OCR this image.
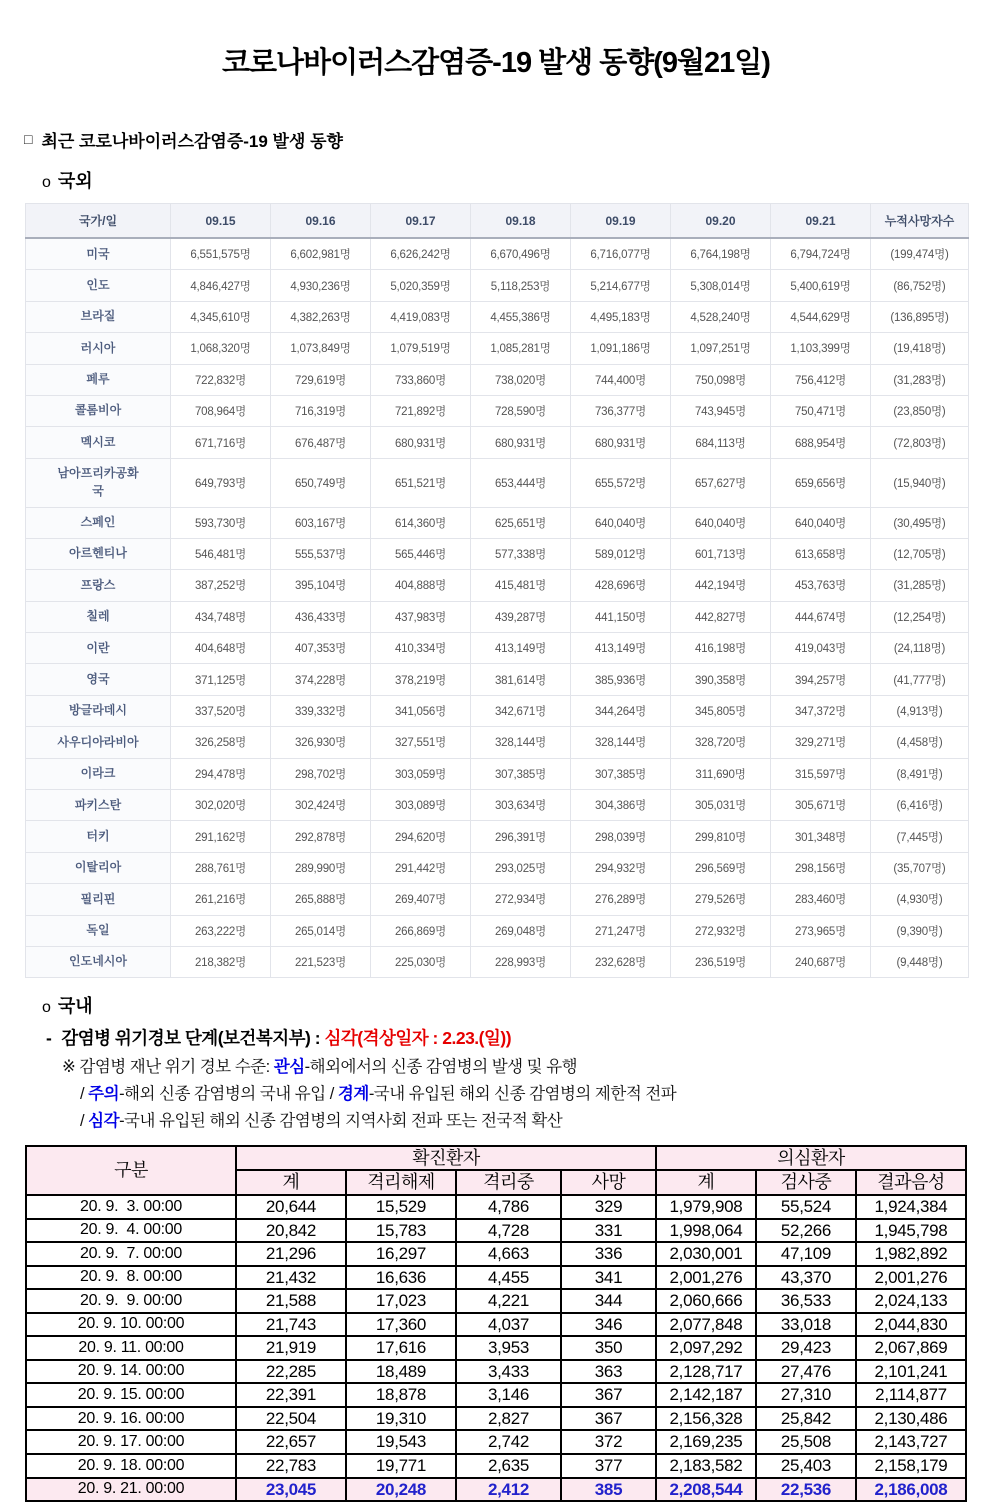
코로나바이러스감염증-19 발생 동향(9월21일)
□ 최근 코로나바이러스감염증-19 발생 동향
o 국외
국가/일	09.15	09.16	09.17	09.18	09.19	09.20	09.21	누적사망자수
미국	6,551,575명	6,602,981명	6,626,242명	6,670,496명	6,716,077명	6,764,198명	6,794,724명	(199,474명)
인도	4,846,427명	4,930,236명	5,020,359명	5,118,253명	5,214,677명	5,308,014명	5,400,619명	(86,752명)
브라질	4,345,610명	4,382,263명	4,419,083명	4,455,386명	4,495,183명	4,528,240명	4,544,629명	(136,895명)
러시아	1,068,320명	1,073,849명	1,079,519명	1,085,281명	1,091,186명	1,097,251명	1,103,399명	(19,418명)
페루	722,832명	729,619명	733,860명	738,020명	744,400명	750,098명	756,412명	(31,283명)
콜롬비아	708,964명	716,319명	721,892명	728,590명	736,377명	743,945명	750,471명	(23,850명)
멕시코	671,716명	676,487명	680,931명	680,931명	680,931명	684,113명	688,954명	(72,803명)
남아프리카공화국	649,793명	650,749명	651,521명	653,444명	655,572명	657,627명	659,656명	(15,940명)
스페인	593,730명	603,167명	614,360명	625,651명	640,040명	640,040명	640,040명	(30,495명)
아르헨티나	546,481명	555,537명	565,446명	577,338명	589,012명	601,713명	613,658명	(12,705명)
프랑스	387,252명	395,104명	404,888명	415,481명	428,696명	442,194명	453,763명	(31,285명)
칠레	434,748명	436,433명	437,983명	439,287명	441,150명	442,827명	444,674명	(12,254명)
이란	404,648명	407,353명	410,334명	413,149명	413,149명	416,198명	419,043명	(24,118명)
영국	371,125명	374,228명	378,219명	381,614명	385,936명	390,358명	394,257명	(41,777명)
방글라데시	337,520명	339,332명	341,056명	342,671명	344,264명	345,805명	347,372명	(4,913명)
사우디아라비아	326,258명	326,930명	327,551명	328,144명	328,144명	328,720명	329,271명	(4,458명)
이라크	294,478명	298,702명	303,059명	307,385명	307,385명	311,690명	315,597명	(8,491명)
파키스탄	302,020명	302,424명	303,089명	303,634명	304,386명	305,031명	305,671명	(6,416명)
터키	291,162명	292,878명	294,620명	296,391명	298,039명	299,810명	301,348명	(7,445명)
이탈리아	288,761명	289,990명	291,442명	293,025명	294,932명	296,569명	298,156명	(35,707명)
필리핀	261,216명	265,888명	269,407명	272,934명	276,289명	279,526명	283,460명	(4,930명)
독일	263,222명	265,014명	266,869명	269,048명	271,247명	272,932명	273,965명	(9,390명)
인도네시아	218,382명	221,523명	225,030명	228,993명	232,628명	236,519명	240,687명	(9,448명)
o 국내
- 감염병 위기경보 단계(보건복지부) : 심각(격상일자 : 2.23.(일))
※ 감염병 재난 위기 경보 수준: 관심-해외에서의 신종 감염병의 발생 및 유행
/ 주의-해외 신종 감염병의 국내 유입 / 경계-국내 유입된 해외 신종 감염병의 제한적 전파
/ 심각-국내 유입된 해외 신종 감염병의 지역사회 전파 또는 전국적 확산
구분	확진환자				의심환자		
	계	격리해제	격리중	사망	계	검사중	결과음성
20. 9.  3. 00:00	20,644	15,529	4,786	329	1,979,908	55,524	1,924,384
20. 9.  4. 00:00	20,842	15,783	4,728	331	1,998,064	52,266	1,945,798
20. 9.  7. 00:00	21,296	16,297	4,663	336	2,030,001	47,109	1,982,892
20. 9.  8. 00:00	21,432	16,636	4,455	341	2,001,276	43,370	2,001,276
20. 9.  9. 00:00	21,588	17,023	4,221	344	2,060,666	36,533	2,024,133
20. 9. 10. 00:00	21,743	17,360	4,037	346	2,077,848	33,018	2,044,830
20. 9. 11. 00:00	21,919	17,616	3,953	350	2,097,292	29,423	2,067,869
20. 9. 14. 00:00	22,285	18,489	3,433	363	2,128,717	27,476	2,101,241
20. 9. 15. 00:00	22,391	18,878	3,146	367	2,142,187	27,310	2,114,877
20. 9. 16. 00:00	22,504	19,310	2,827	367	2,156,328	25,842	2,130,486
20. 9. 17. 00:00	22,657	19,543	2,742	372	2,169,235	25,508	2,143,727
20. 9. 18. 00:00	22,783	19,771	2,635	377	2,183,582	25,403	2,158,179
20. 9. 21. 00:00	23,045	20,248	2,412	385	2,208,544	22,536	2,186,008
